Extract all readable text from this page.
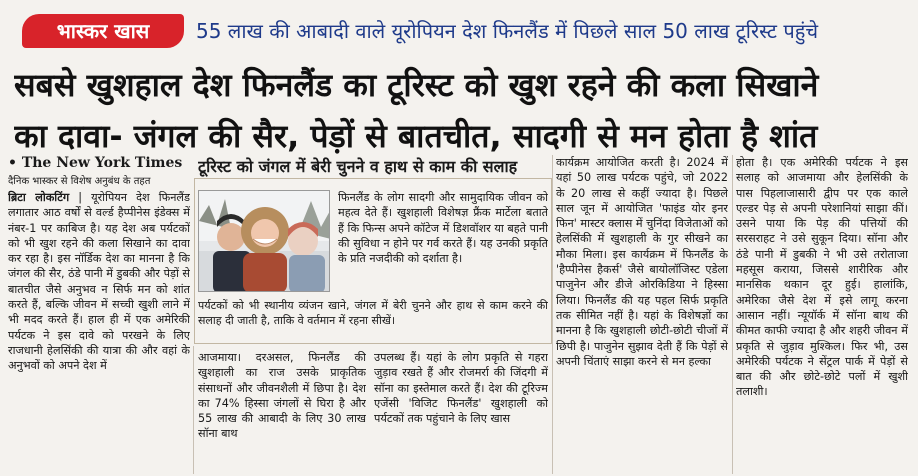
भास्कर खास	55 लाख की आबादी वाले यूरोपियन देश फिनलैंड में पिछले साल 50 लाख टूरिस्ट पहुंचे
सबसे खुशहाल देश फिनलैंड का टूरिस्ट को खुश रहने की कला सिखाने
का दावा- जंगल की सैर, पेड़ों से बातचीत, सादगी से मन होता है शांत
• The New York Times
दैनिक भास्कर से विशेष अनुबंध के तहत
ब्रिटा लोकटिंग | यूरोपियन देश फिनलैंड लगातार आठ वर्षों से वर्ल्ड हैप्पीनेस इंडेक्स में नंबर-1 पर काबिज है। यह देश अब पर्यटकों को भी खुश रहने की कला सिखाने का दावा कर रहा है। इस नॉर्डिक देश का मानना है कि जंगल की सैर, ठंडे पानी में डुबकी और पेड़ों से बातचीत जैसे अनुभव न सिर्फ मन को शांत करते हैं, बल्कि जीवन में सच्ची खुशी लाने में भी मदद करते हैं। हाल ही में एक अमेरिकी पर्यटक ने इस दावे को परखने के लिए राजधानी हेलसिंकी की यात्रा की और वहां के अनुभवों को अपने देश में
टूरिस्ट को जंगल में बेरी चुनने व हाथ से काम की सलाह
फिनलैंड के लोग सादगी और सामुदायिक जीवन को महत्व देते हैं। खुशहाली विशेषज्ञ फ्रैंक मार्टेला बताते हैं कि फिन्स अपने कॉटेज में डिशवॉशर या बहते पानी की सुविधा न होने पर गर्व करते हैं। यह उनकी प्रकृति के प्रति नजदीकी को दर्शाता है।
पर्यटकों को भी स्थानीय व्यंजन खाने, जंगल में बेरी चुनने और हाथ से काम करने की सलाह दी जाती है, ताकि वे वर्तमान में रहना सीखें।
आजमाया। दरअसल, फिनलैंड की खुशहाली का राज उसके प्राकृतिक संसाधनों और जीवनशैली में छिपा है। देश का 74% हिस्सा जंगलों से घिरा है और 55 लाख की आबादी के लिए 30 लाख सॉना बाथ
उपलब्ध हैं। यहां के लोग प्रकृति से गहरा जुड़ाव रखते हैं और रोजमर्रा की जिंदगी में सॉना का इस्तेमाल करते हैं। देश की टूरिज्म एजेंसी 'विजिट फिनलैंड' खुशहाली को पर्यटकों तक पहुंचाने के लिए खास
कार्यक्रम आयोजित करती है। 2024 में यहां 50 लाख पर्यटक पहुंचे, जो 2022 के 20 लाख से कहीं ज्यादा है। पिछले साल जून में आयोजित 'फाइंड योर इनर फिन' मास्टर क्लास में चुनिंदा विजेताओं को हेलसिंकी में खुशहाली के गुर सीखने का मौका मिला। इस कार्यक्रम में फिनलैंड के 'हैप्पीनेस हैकर्स' जैसे बायोलॉजिस्ट एडेला पाजुनेन और डीजे ओरकिडिया ने हिस्सा लिया। फिनलैंड की यह पहल सिर्फ प्रकृति तक सीमित नहीं है। यहां के विशेषज्ञों का मानना है कि खुशहाली छोटी-छोटी चीजों में छिपी है। पाजुनेन सुझाव देती हैं कि पेड़ों से अपनी चिंताएं साझा करने से मन हल्का
होता है। एक अमेरिकी पर्यटक ने इस सलाह को आजमाया और हेलसिंकी के पास पिहलाजासारी द्वीप पर एक काले एल्डर पेड़ से अपनी परेशानियां साझा कीं। उसने पाया कि पेड़ की पत्तियों की सरसराहट ने उसे सुकून दिया। सॉना और ठंडे पानी में डुबकी ने भी उसे तरोताजा महसूस कराया, जिससे शारीरिक और मानसिक थकान दूर हुई। हालांकि, अमेरिका जैसे देश में इसे लागू करना आसान नहीं। न्यूयॉर्क में सॉना बाथ की कीमत काफी ज्यादा है और शहरी जीवन में प्रकृति से जुड़ाव मुश्किल। फिर भी, उस अमेरिकी पर्यटक ने सेंट्रल पार्क में पेड़ों से बात की और छोटे-छोटे पलों में खुशी तलाशी।
